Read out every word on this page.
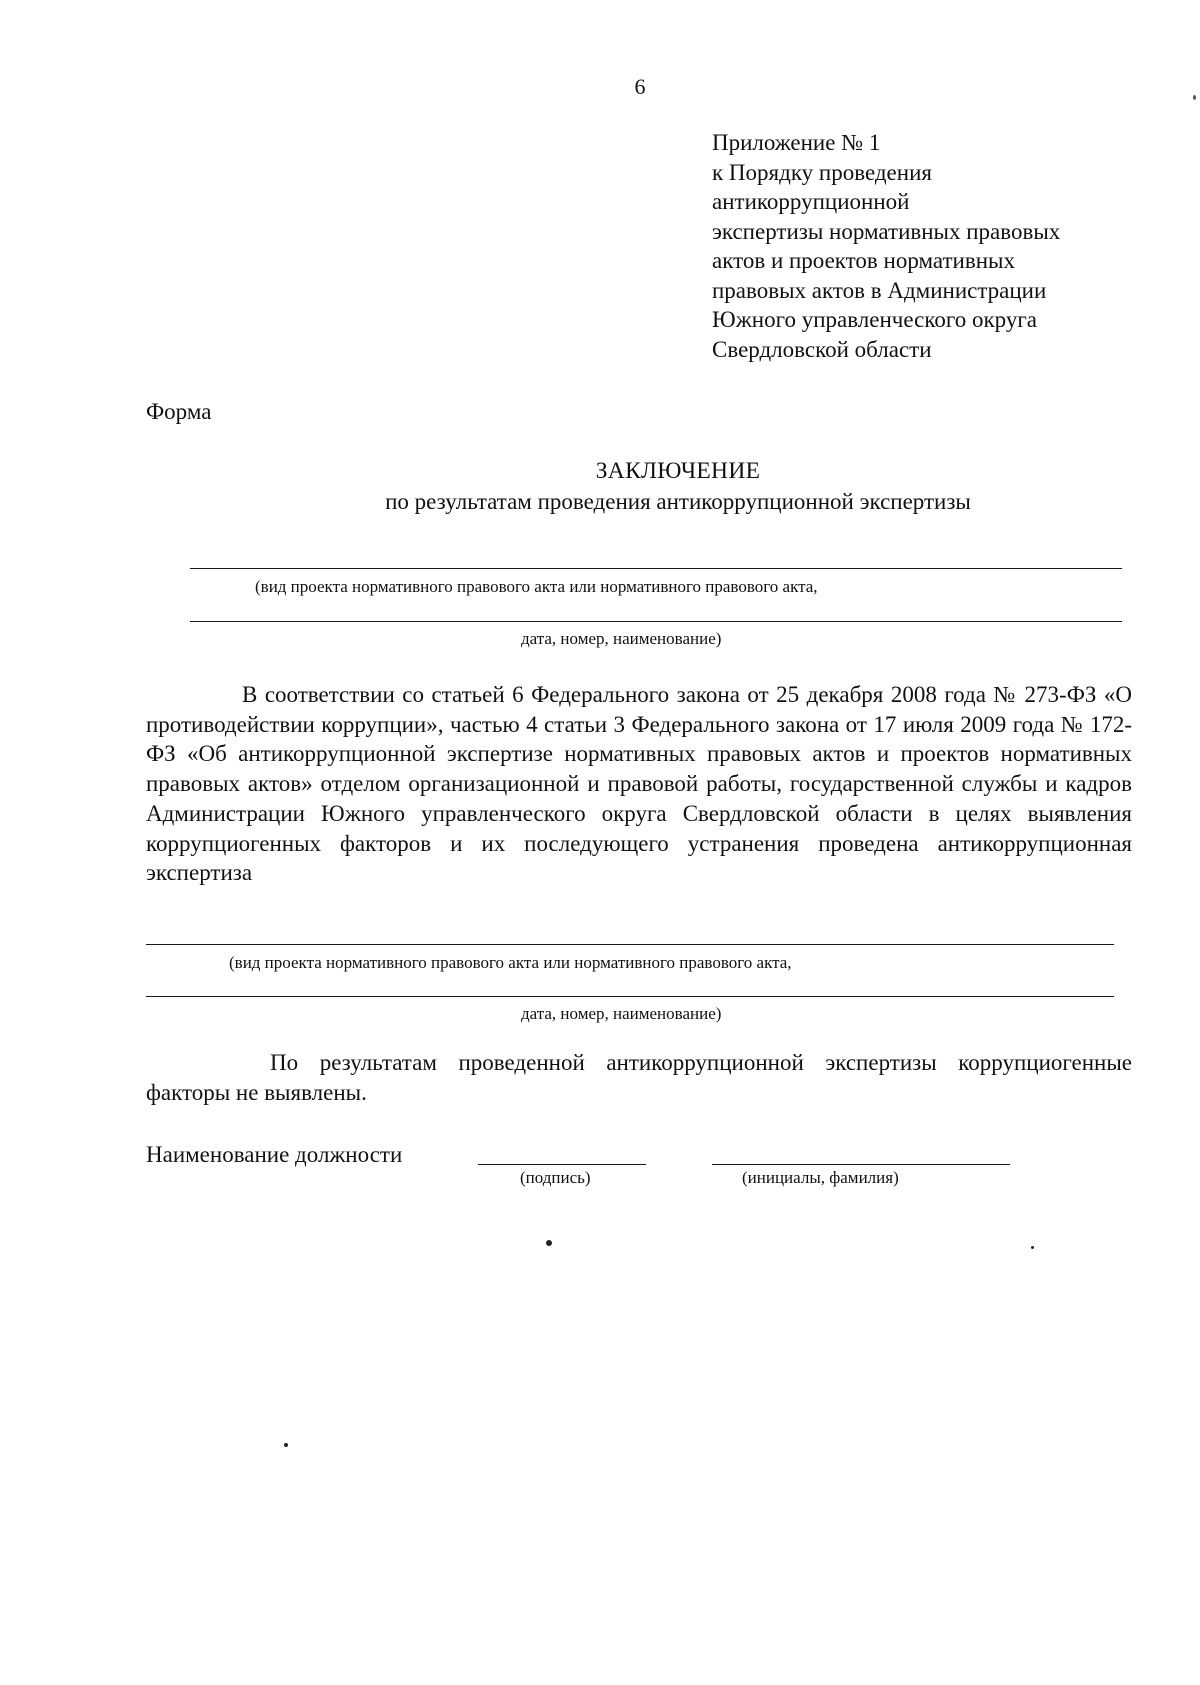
6
Приложение № 1
к Порядку проведения
антикоррупционной
экспертизы нормативных правовых
актов и проектов нормативных
правовых актов в Администрации
Южного управленческого округа
Свердловской области
Форма
ЗАКЛЮЧЕНИЕ
по результатам проведения антикоррупционной экспертизы
(вид проекта нормативного правового акта или нормативного правового акта,
дата, номер, наименование)

В соответствии со статьей 6 Федерального закона от 25 декабря 2008 года № 273-ФЗ «О противодействии коррупции», частью 4 статьи 3 Федерального закона от 17 июля 2009 года № 172-ФЗ «Об антикоррупционной экспертизе нормативных правовых актов и проектов нормативных правовых актов» отделом организационной и правовой работы, государственной службы и кадров Администрации Южного управленческого округа Свердловской области в целях выявления коррупциогенных факторов и их последующего устранения проведена антикоррупционная экспертиза

(вид проекта нормативного правового акта или нормативного правового акта,
дата, номер, наименование)

По результатам проведенной антикоррупционной экспертизы коррупциогенные факторы не выявлены.

Наименование должности
(подпись)	(инициалы, фамилия)
